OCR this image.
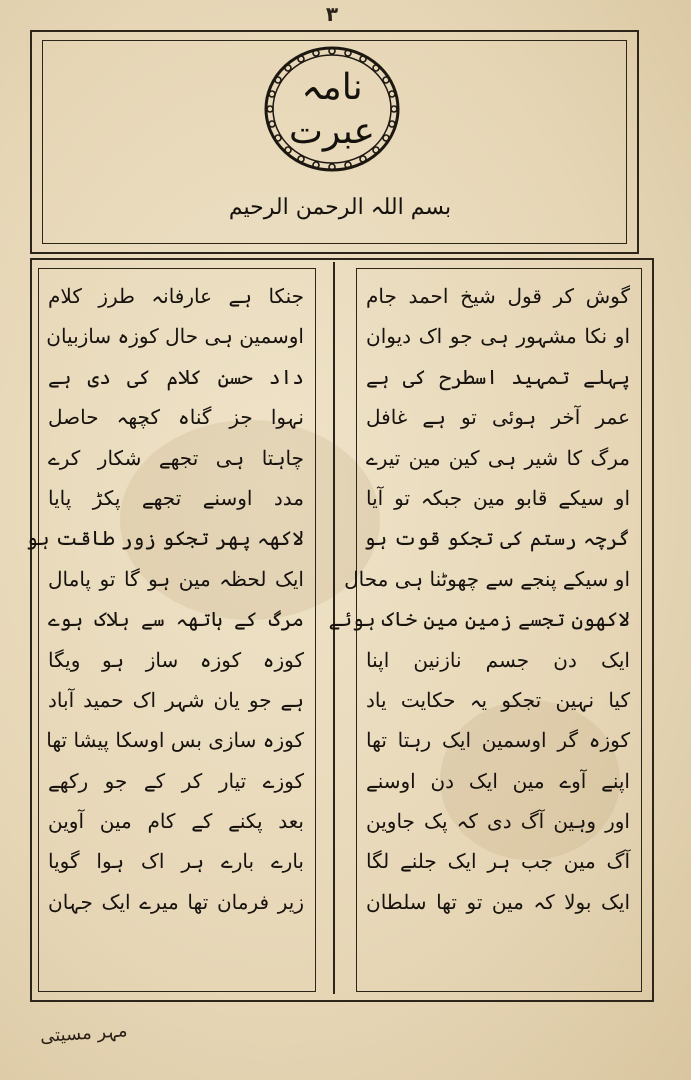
۳
نامہ
عبرت
بسم اللہ الرحمن الرحیم
گوش کر قول شیخ احمد جام
او نکا مشہور ہی جو اک دیوان
پہلے تمہید اسطرح کی ہے
عمر آخر ہوئی تو ہے غافل
مرگ کا شیر ہی کین مین تیرے
او سیکے قابو مین جبکہ تو آیا
گرچہ رستم کی تجکو قوت ہو
او سیکے پنجے سے چھوٹنا ہی محال
لاکھون تجسے زمین مین خاک ہوئے
ایک دن جسم نازنین اپنا
کیا نہین تجکو یہ حکایت یاد
کوزہ گر اوسمین ایک رہتا تھا
اپنے آوے مین ایک دن اوسنے
اور وہین آگ دی کہ پک جاوین
آگ مین جب ہر ایک جلنے لگا
ایک بولا کہ مین تو تھا سلطان
جنکا ہے عارفانہ طرز کلام
اوسمین ہی حال کوزہ سازبیان
داد حسن کلام کی دی ہے
نہوا جز گناہ کچھہ حاصل
چاہتا ہی تجھے شکار کرے
مدد اوسنے تجھے پکڑ پایا
لاکھہ پھر تجکو زور طاقت ہو
ایک لحظہ مین ہو گا تو پامال
مرگ کے ہاتھہ سے ہلاک ہوے
کوزہ کوزہ ساز ہو ویگا
ہے جو یان شہر اک حمید آباد
کوزہ سازی بس اوسکا پیشا تھا
کوزے تیار کر کے جو رکھے
بعد پکنے کے کام مین آوین
بارے بارے ہر اک ہوا گویا
زیر فرمان تھا میرے ایک جہان
مہر مسیتی
